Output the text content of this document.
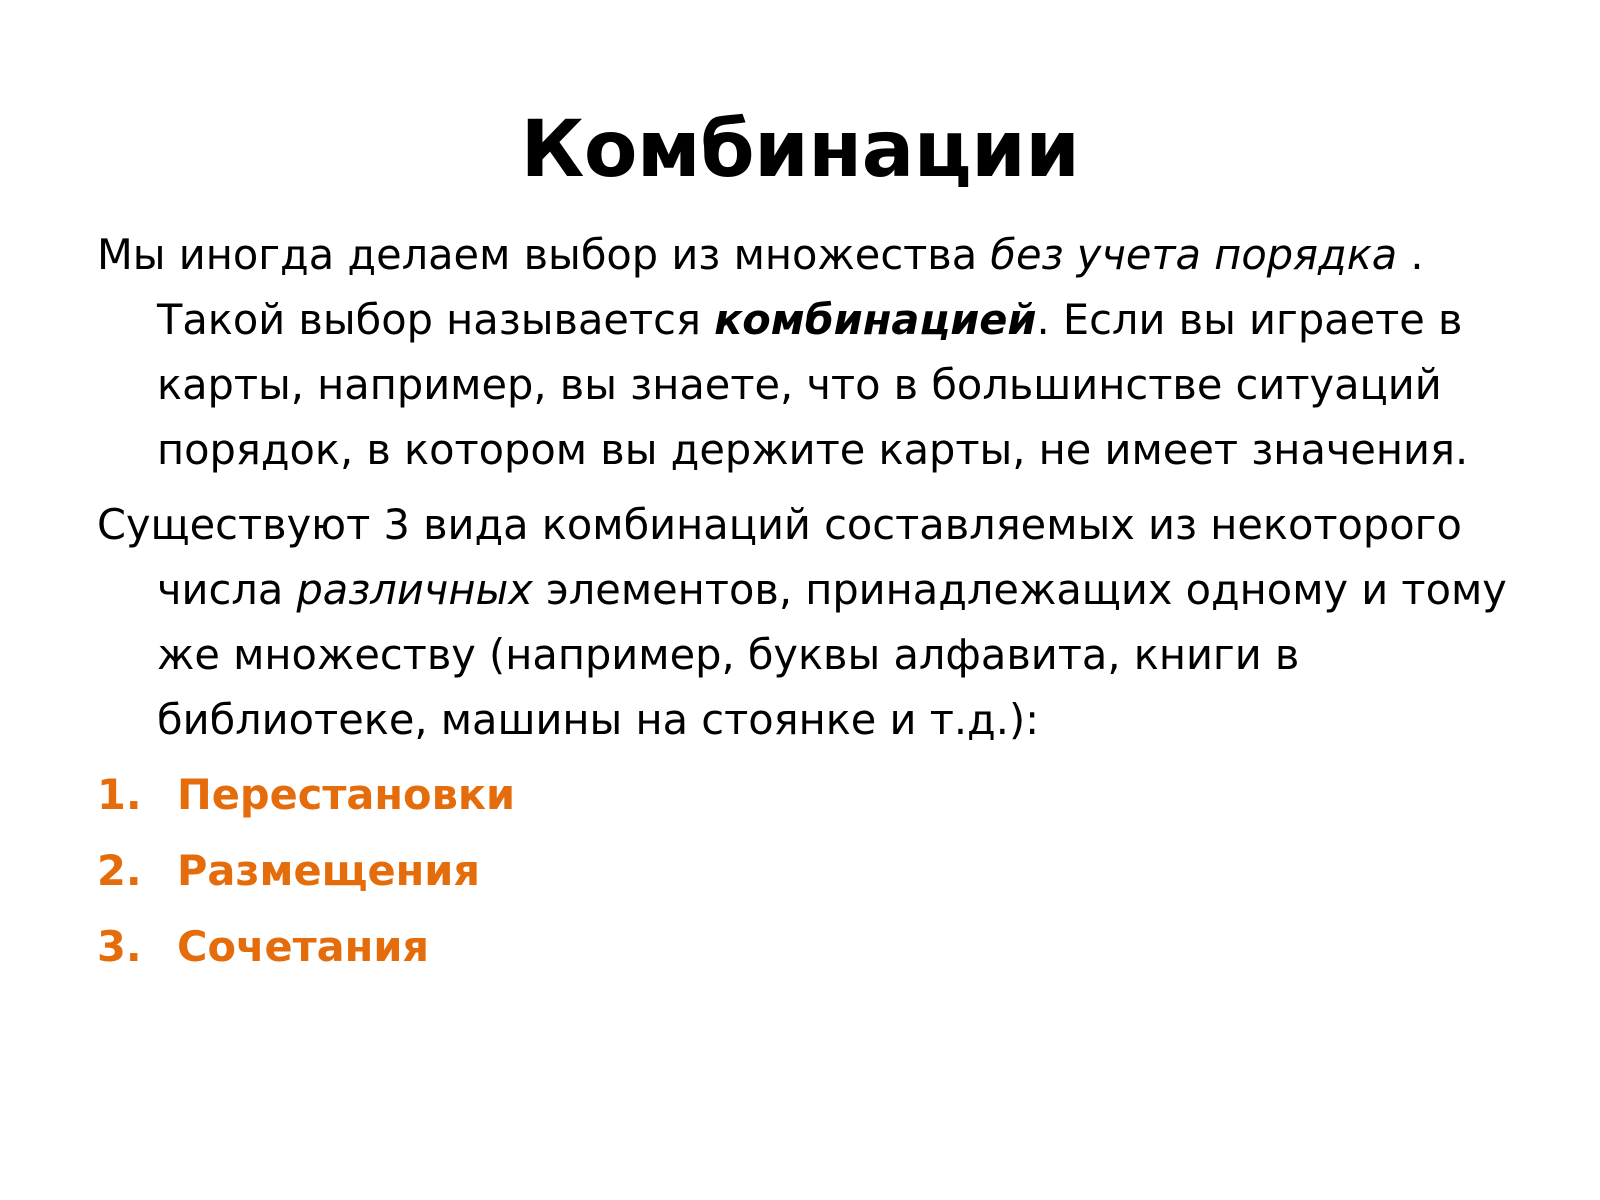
Комбинации

Мы иногда делаем выбор из множества без учета порядка . Такой выбор называется комбинацией. Если вы играете в карты, например, вы знаете, что в большинстве ситуаций порядок, в котором вы держите карты, не имеет значения.

Существуют 3 вида комбинаций составляемых из некоторого числа различных элементов, принадлежащих одному и тому же множеству (например, буквы алфавита, книги в библиотеке, машины на стоянке и т.д.):

1. Перестановки
2. Размещения
3. Сочетания
